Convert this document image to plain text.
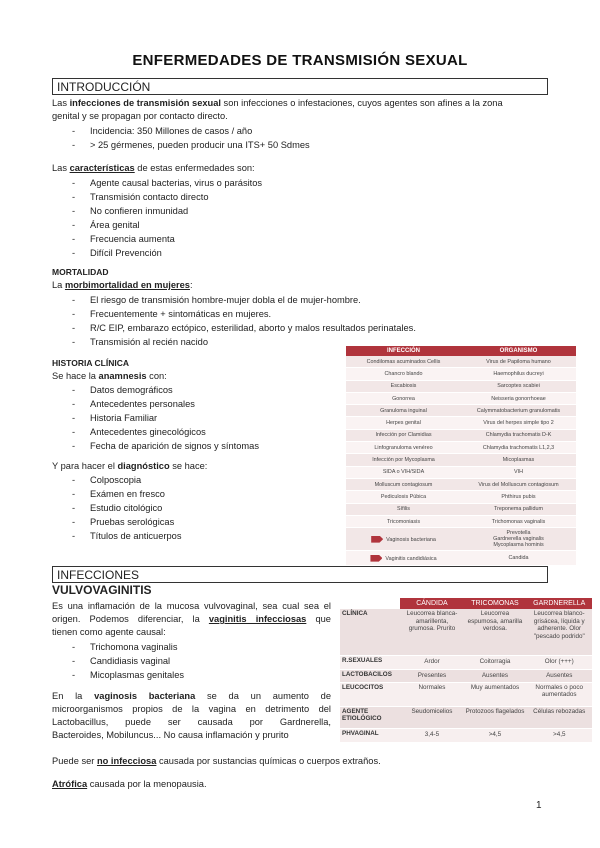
ENFERMEDADES DE TRANSMISIÓN SEXUAL
INTRODUCCIÓN
Las infecciones de transmisión sexual son infecciones o infestaciones, cuyos agentes son afines a la zona
genital y se propagan por contacto directo.
- Incidencia: 350 Millones de casos / año
- > 25 gérmenes, pueden producir una ITS+ 50 Sdmes
Las características de estas enfermedades son:
- Agente causal bacterias, virus o parásitos
- Transmisión contacto directo
- No confieren inmunidad
- Área genital
- Frecuencia aumenta
- Difícil Prevención
MORTALIDAD
La morbimortalidad en mujeres:
- El riesgo de transmisión hombre-mujer dobla el de mujer-hombre.
- Frecuentemente + sintomáticas en mujeres.
- R/C EIP, embarazo ectópico, esterilidad, aborto y malos resultados perinatales.
- Transmisión al recién nacido
HISTORIA CLÍNICA
Se hace la anamnesis con:
- Datos demográficos
- Antecedentes personales
- Historia Familiar
- Antecedentes ginecológicos
- Fecha de aparición de signos y síntomas
Y para hacer el diagnóstico se hace:
- Colposcopia
- Exámen en fresco
- Estudio citológico
- Pruebas serológicas
- Títulos de anticuerpos
INFECCIÓN	ORGANISMO
Condilomas acuminados Cellis	Virus de Papiloma humano
Chancro blando	Haemophilus ducreyi
Escabiosis	Sarcoptes scabiei
Gonorrea	Neisseria gonorrhoeae
Granuloma inguinal	Calymmatobacterium granulomatis
Herpes genital	Virus del herpes simple tipo 2
Infección por Clamidias	Chlamydia trachomatis D-K
Linfogranuloma venéreo	Chlamydia trachomatis L1,2,3
Infección por Mycoplasma	Micoplasmas
SIDA o VIH/SIDA	VIH
Molluscum contagiosum	Virus del Molluscum contagiosum
Pediculosis Púbica	Phthirus pubis
Sífilis	Treponema pallidum
Tricomoniasis	Trichomonas vaginalis
Vaginosis bacteriana	Prevotella
Gardnerella vaginalis
Mycoplasma hominis
Vaginitis candidiásica	Candida
INFECCIONES
VULVOVAGINITIS
Es una inflamación de la mucosa vulvovaginal, sea cual sea el
origen. Podemos diferenciar, la vaginitis infecciosas que
tienen como agente causal:
- Trichomona vaginalis
- Candidiasis vaginal
- Micoplasmas genitales
En la vaginosis bacteriana se da un aumento de
microorganismos propios de la vagina en detrimento del
Lactobacillus, puede ser causada por Gardnerella,
Bacteroides, Mobiluncus... No causa inflamación y prurito
Puede ser no infecciosa causada por sustancias químicas o cuerpos extraños.
Atrófica causada por la menopausia.
	CÁNDIDA	TRICOMONAS	GARDNERELLA
CLÍNICA	Leucorrea blanca-amarillenta, grumosa. Prurito	Leucorrea espumosa, amarilla verdosa.	Leucorrea blanco-grisácea, líquida y adherente. Olor "pescado podrido"
R.SEXUALES	Ardor	Coitorragia	Olor (+++)
LACTOBACILOS	Presentes	Ausentes	Ausentes
LEUCOCITOS	Normales	Muy aumentados	Normales o poco aumentados
AGENTE ETIOLÓGICO	Seudomicelios	Protozoos flagelados	Células rebozadas
PHVAGINAL	3,4-5	>4,5	>4,5
1
